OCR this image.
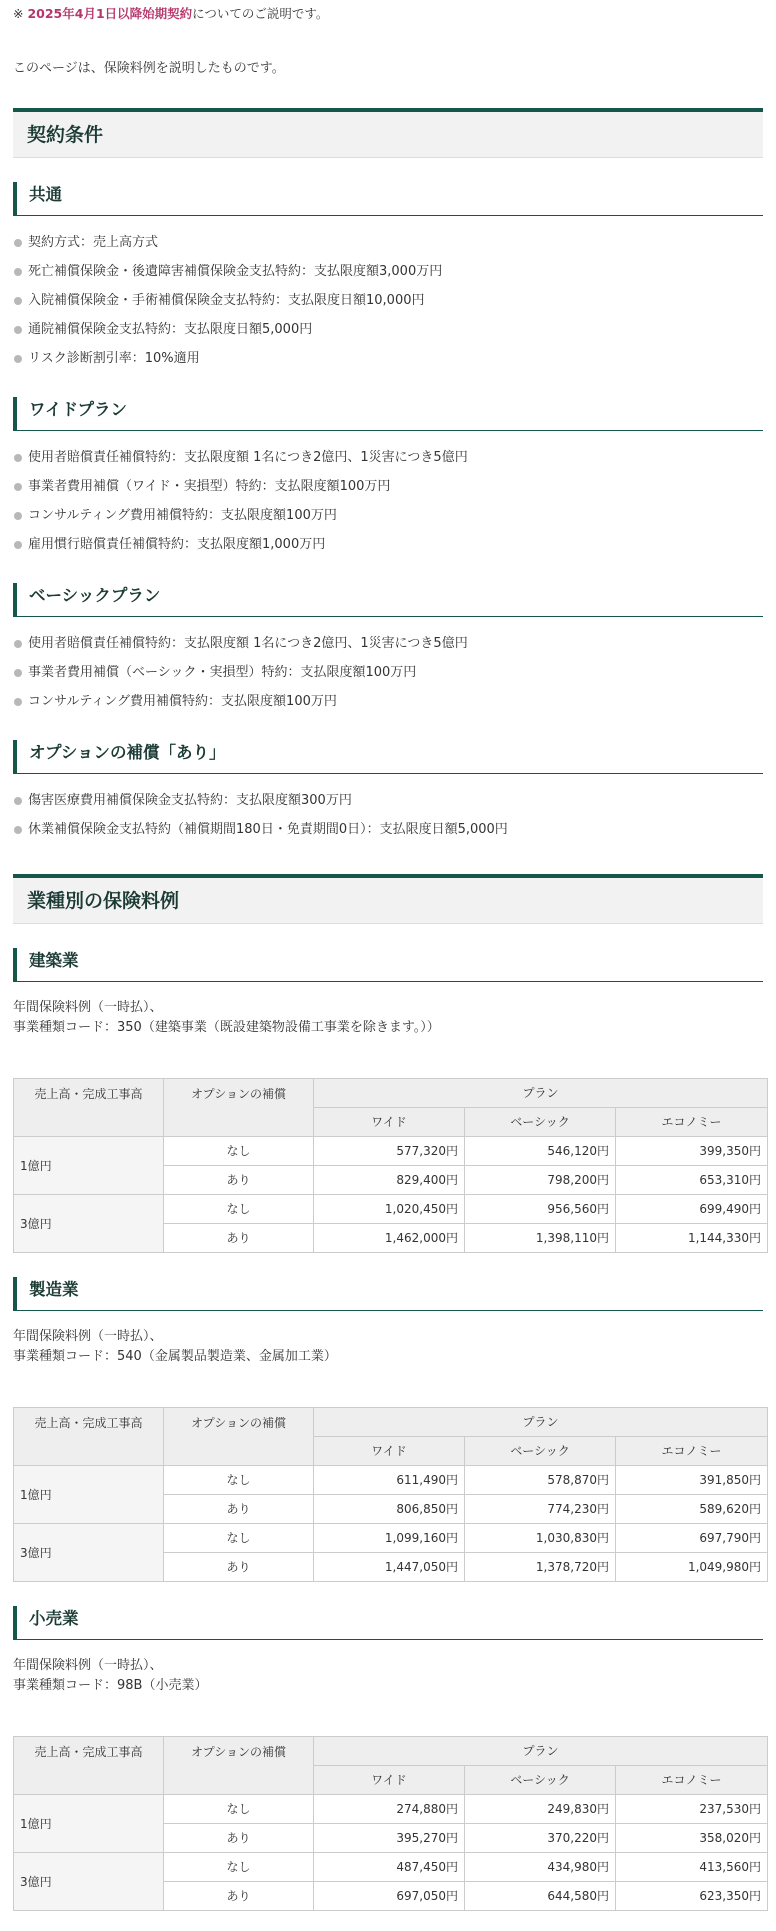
※ 2025年4月1日以降始期契約についてのご説明です。

このページは、保険料例を説明したものです。

契約条件
共通
契約方式：売上高方式
死亡補償保険金・後遺障害補償保険金支払特約：支払限度額3,000万円
入院補償保険金・手術補償保険金支払特約：支払限度日額10,000円
通院補償保険金支払特約：支払限度日額5,000円
リスク診断割引率：10%適用
ワイドプラン
使用者賠償責任補償特約：支払限度額 1名につき2億円、1災害につき5億円
事業者費用補償（ワイド・実損型）特約：支払限度額100万円
コンサルティング費用補償特約：支払限度額100万円
雇用慣行賠償責任補償特約：支払限度額1,000万円
ベーシックプラン
使用者賠償責任補償特約：支払限度額 1名につき2億円、1災害につき5億円
事業者費用補償（ベーシック・実損型）特約：支払限度額100万円
コンサルティング費用補償特約：支払限度額100万円
オプションの補償「あり」
傷害医療費用補償保険金支払特約：支払限度額300万円
休業補償保険金支払特約（補償期間180日・免責期間0日）：支払限度日額5,000円
業種別の保険料例
建築業

年間保険料例（一時払）、
事業種類コード：350（建築事業（既設建築物設備工事業を除きます。））

売上高・完成工事高	オプションの補償	プラン		
		ワイド	ベーシック	エコノミー
1億円	なし	577,320円	546,120円	399,350円
	あり	829,400円	798,200円	653,310円
3億円	なし	1,020,450円	956,560円	699,490円
	あり	1,462,000円	1,398,110円	1,144,330円
製造業

年間保険料例（一時払）、
事業種類コード：540（金属製品製造業、金属加工業）

売上高・完成工事高	オプションの補償	プラン		
		ワイド	ベーシック	エコノミー
1億円	なし	611,490円	578,870円	391,850円
	あり	806,850円	774,230円	589,620円
3億円	なし	1,099,160円	1,030,830円	697,790円
	あり	1,447,050円	1,378,720円	1,049,980円
小売業

年間保険料例（一時払）、
事業種類コード：98B（小売業）

売上高・完成工事高	オプションの補償	プラン		
		ワイド	ベーシック	エコノミー
1億円	なし	274,880円	249,830円	237,530円
	あり	395,270円	370,220円	358,020円
3億円	なし	487,450円	434,980円	413,560円
	あり	697,050円	644,580円	623,350円
